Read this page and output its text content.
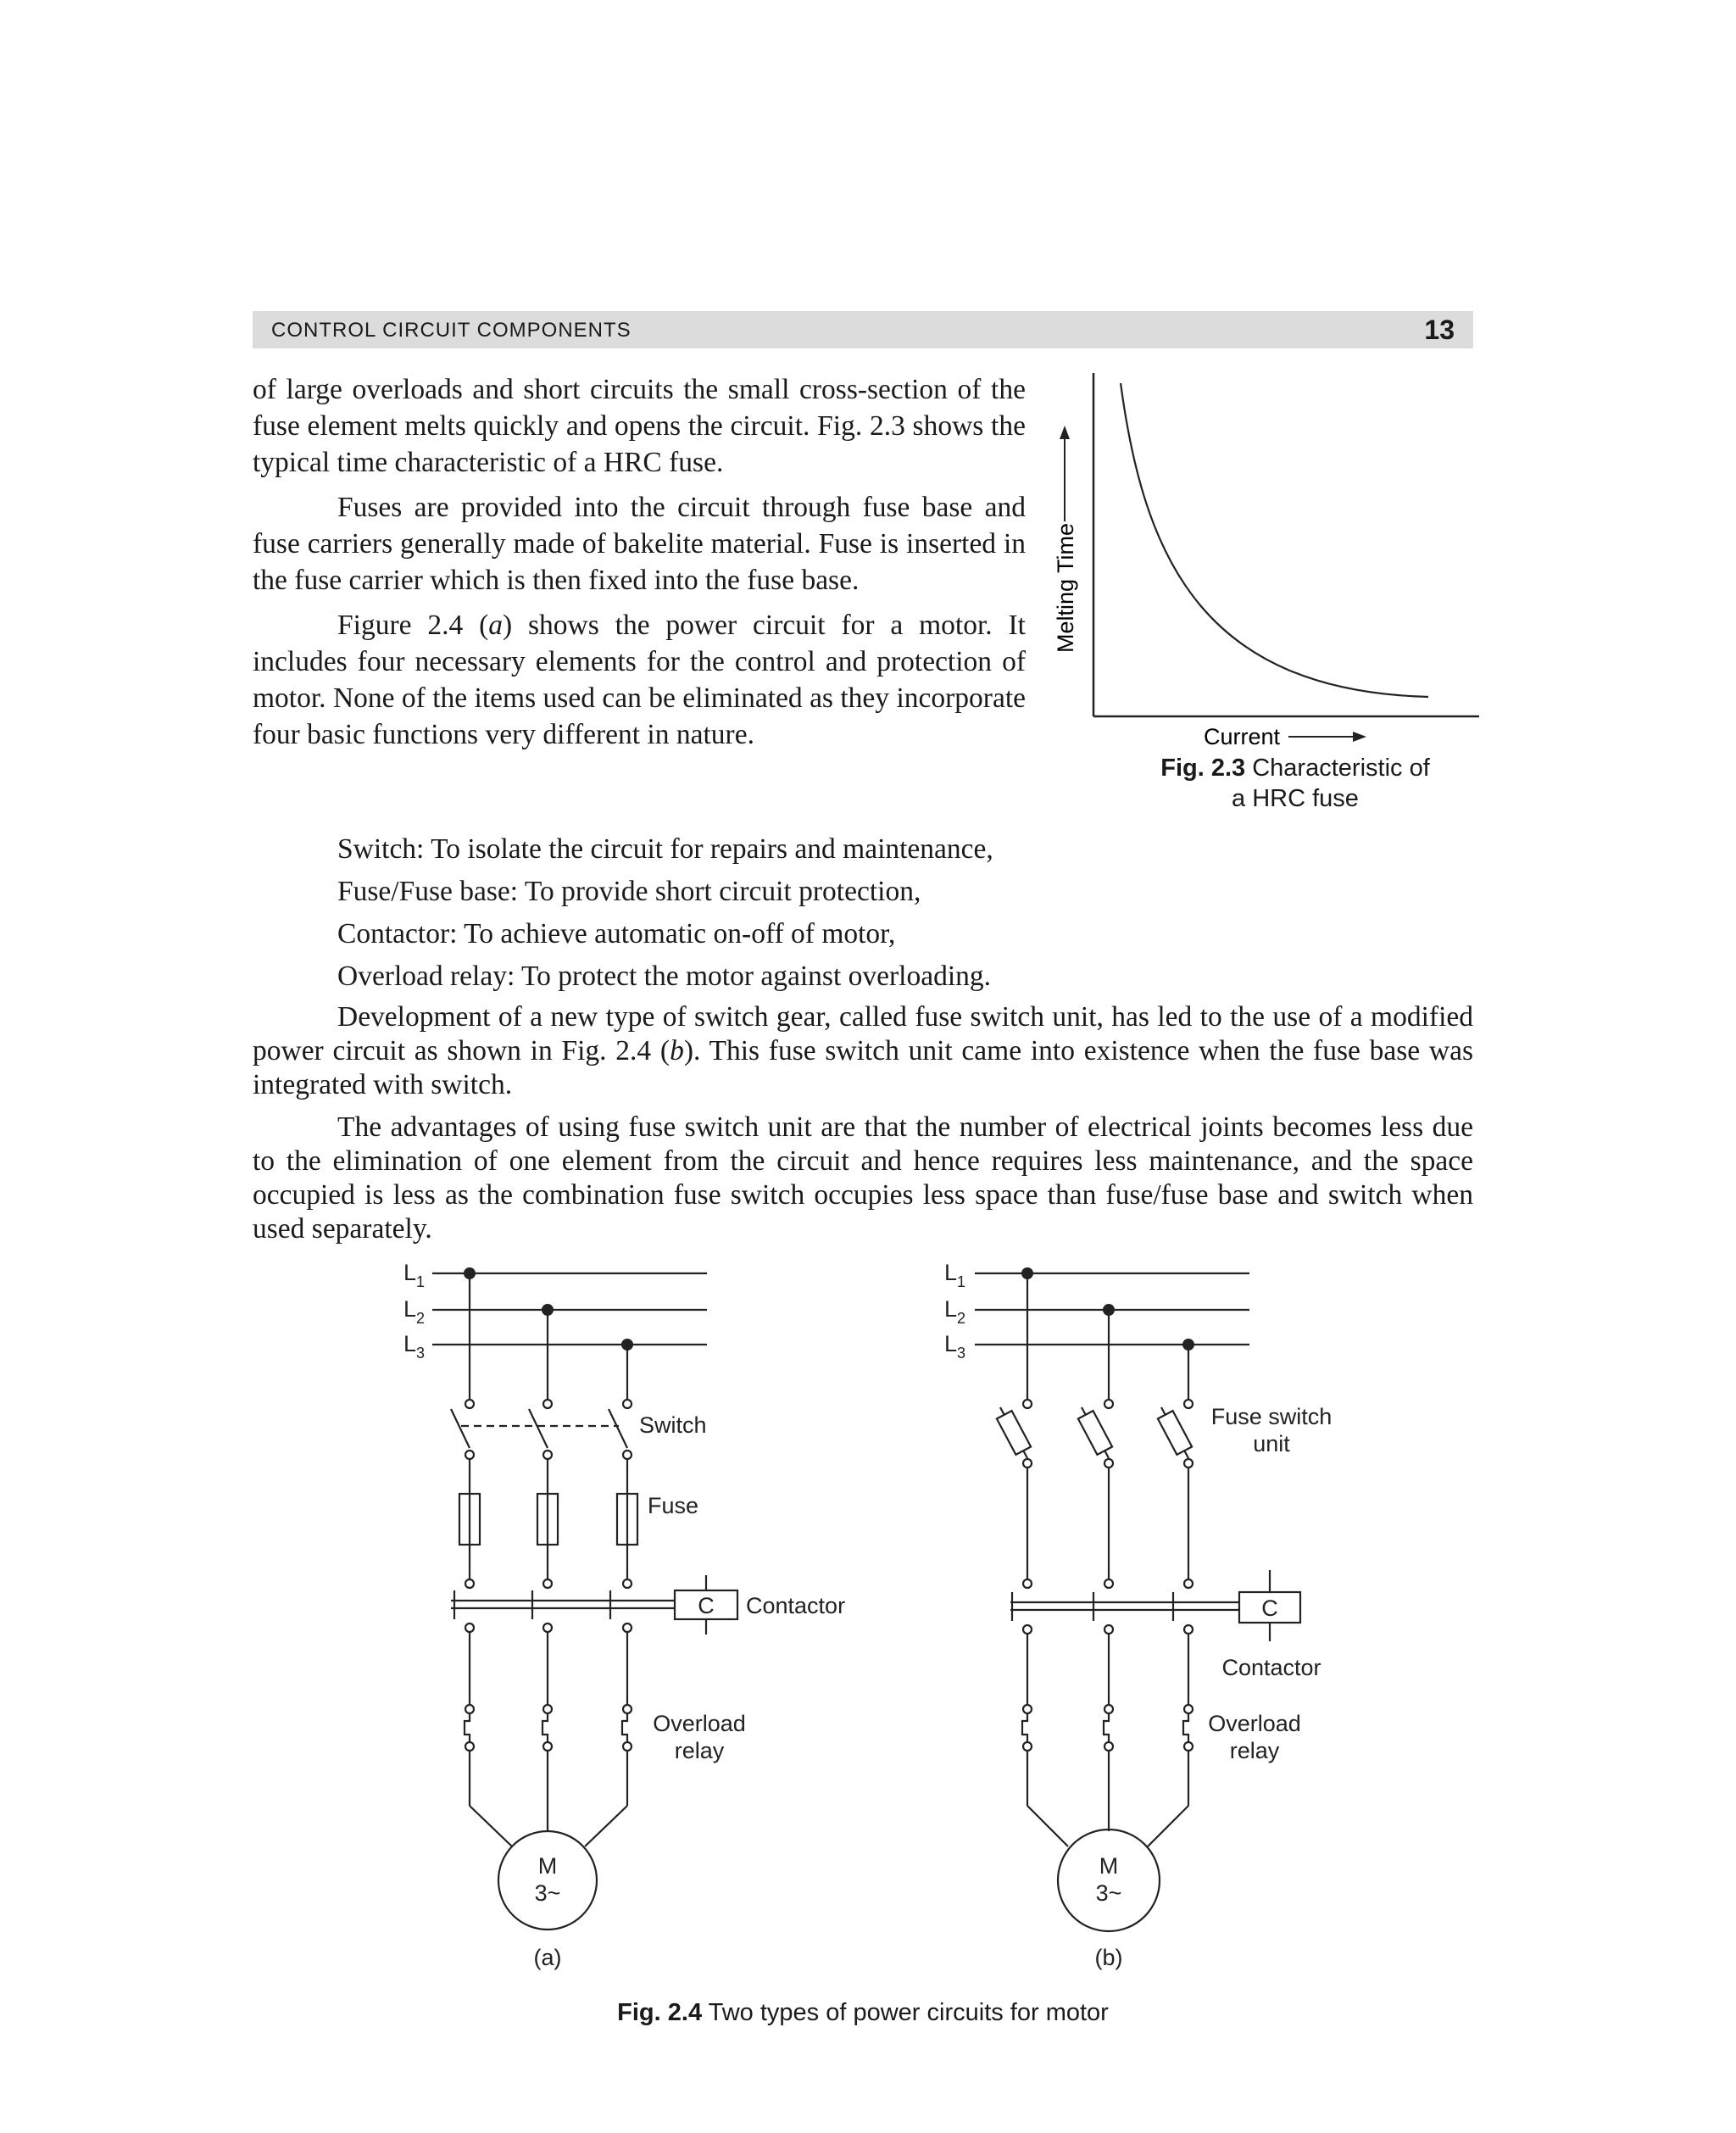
CONTROL CIRCUIT COMPONENTS	13

of large overloads and short circuits the small cross-section of the fuse element melts quickly and opens the circuit. Fig. 2.3 shows the typical time characteristic of a HRC fuse.

Fuses are provided into the circuit through fuse base and fuse carriers generally made of bakelite material. Fuse is inserted in the fuse carrier which is then fixed into the fuse base.

Figure 2.4 (a) shows the power circuit for a motor. It includes four necessary elements for the control and protection of motor. None of the items used can be eliminated as they incorporate four basic functions very different in nature.

Melting Time
Current
Fig. 2.3 Characteristic of
a HRC fuse
Switch: To isolate the circuit for repairs and maintenance,
Fuse/Fuse base: To provide short circuit protection,
Contactor: To achieve automatic on-off of motor,
Overload relay: To protect the motor against overloading.

Development of a new type of switch gear, called fuse switch unit, has led to the use of a modified power circuit as shown in Fig. 2.4 (b). This fuse switch unit came into existence when the fuse base was integrated with switch.

The advantages of using fuse switch unit are that the number of electrical joints becomes less due to the elimination of one element from the circuit and hence requires less maintenance, and the space occupied is less as the combination fuse switch occupies less space than fuse/fuse base and switch when used separately.

$L_1$
$L_2$
$L_3$
Switch
Fuse
C Contactor
Overload
relay
M
3~
(a)
$L_1$
$L_2$
$L_3$
Fuse switch
unit
C
Contactor
Overload
relay
M
3~
(b)
Fig. 2.4 Two types of power circuits for motor
